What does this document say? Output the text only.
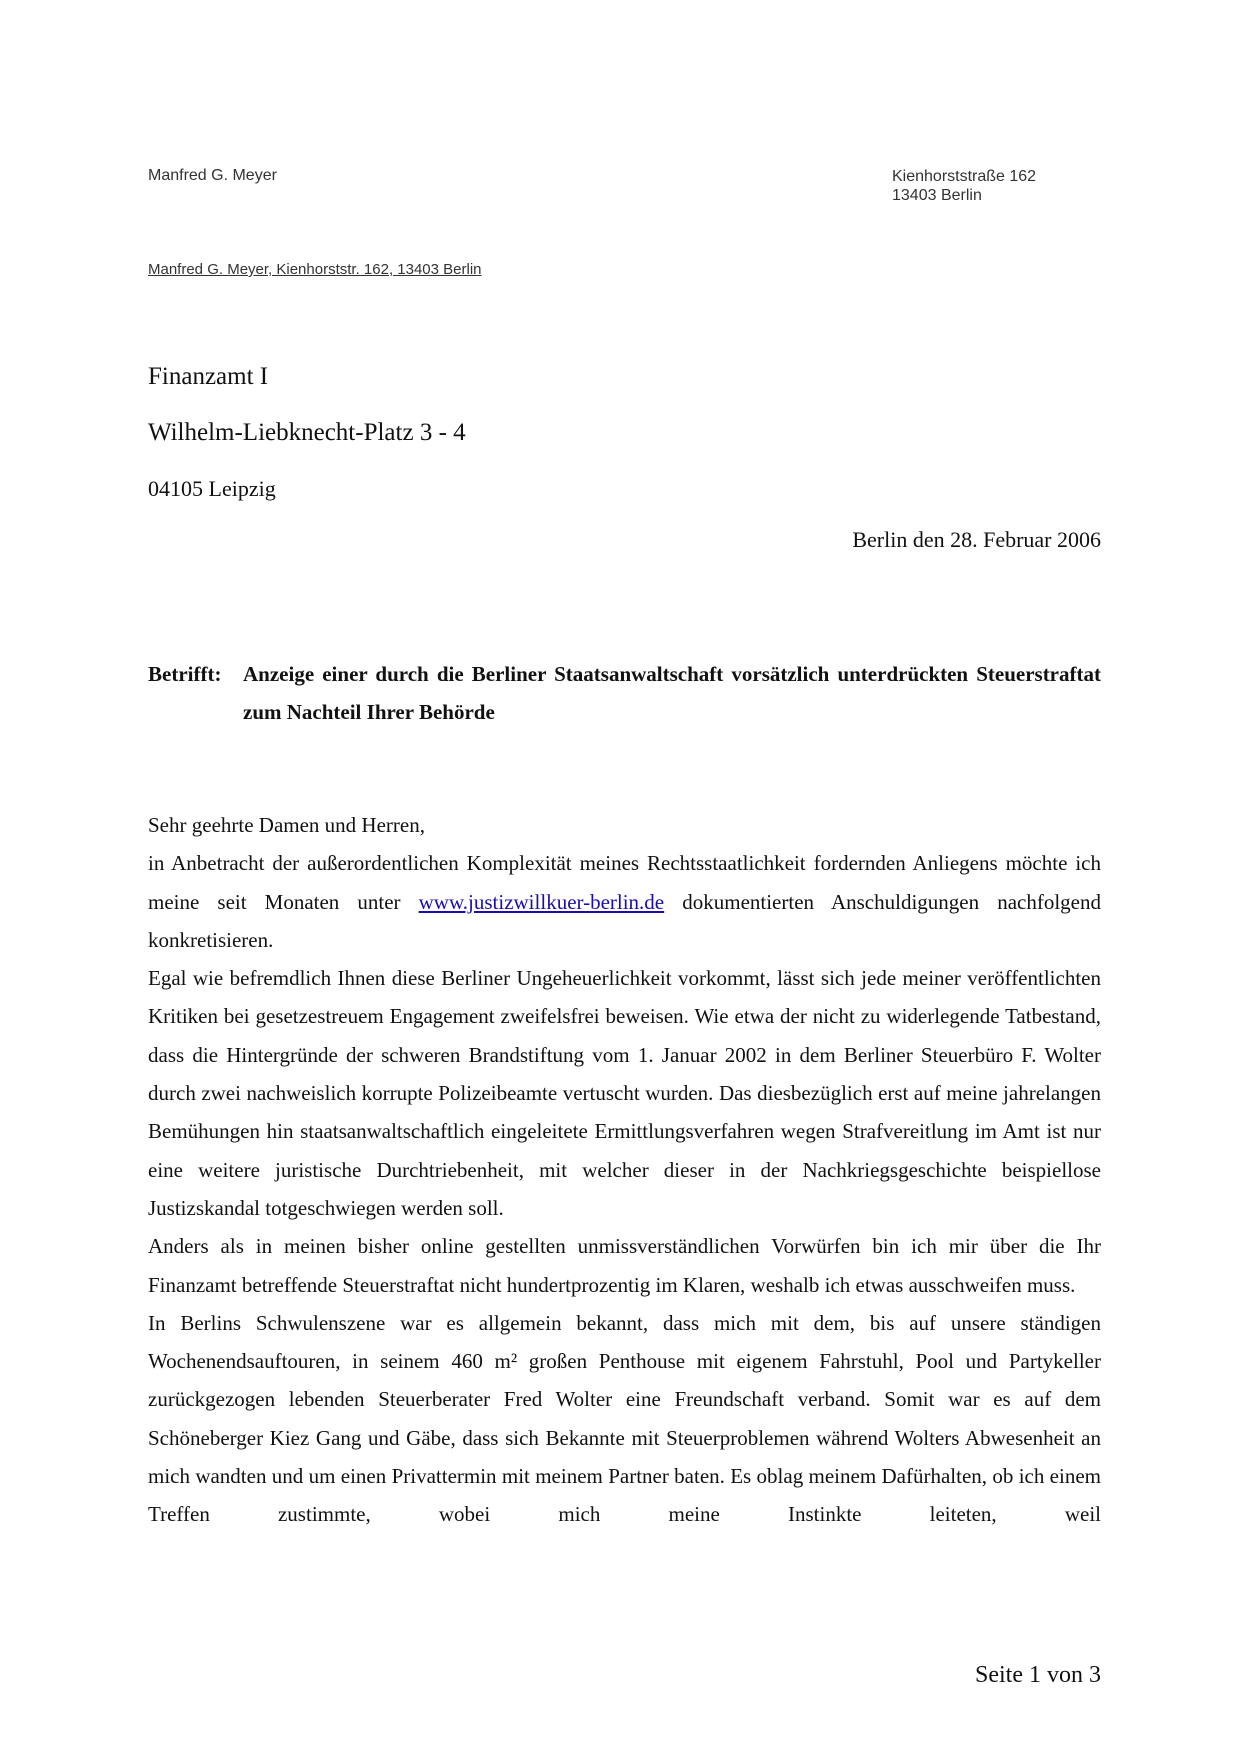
Manfred G. Meyer	Kienhorststraße 162
13403 Berlin
Manfred G. Meyer, Kienhorststr. 162, 13403 Berlin
Finanzamt I
Wilhelm-Liebknecht-Platz 3 - 4
04105 Leipzig
Berlin den 28. Februar 2006
Betrifft:	Anzeige einer durch die Berliner Staatsanwaltschaft vorsätzlich unterdrückten Steuerstraftat zum Nachteil Ihrer Behörde

Sehr geehrte Damen und Herren,

in Anbetracht der außerordentlichen Komplexität meines Rechtsstaatlichkeit fordernden Anliegens möchte ich meine seit Monaten unter www.justizwillkuer-berlin.de dokumentierten Anschuldigungen nachfolgend konkretisieren.

Egal wie befremdlich Ihnen diese Berliner Ungeheuerlichkeit vorkommt, lässt sich jede meiner veröffentlichten Kritiken bei gesetzestreuem Engagement zweifelsfrei beweisen. Wie etwa der nicht zu widerlegende Tatbestand, dass die Hintergründe der schweren Brandstiftung vom 1. Januar 2002 in dem Berliner Steuerbüro F. Wolter durch zwei nachweislich korrupte Polizeibeamte vertuscht wurden. Das diesbezüglich erst auf meine jahrelangen Bemühungen hin staatsanwaltschaftlich eingeleitete Ermittlungsverfahren wegen Strafvereitlung im Amt ist nur eine weitere juristische Durchtriebenheit, mit welcher dieser in der Nachkriegsgeschichte beispiellose Justizskandal totgeschwiegen werden soll.

Anders als in meinen bisher online gestellten unmissverständlichen Vorwürfen bin ich mir über die Ihr Finanzamt betreffende Steuerstraftat nicht hundertprozentig im Klaren, weshalb ich etwas ausschweifen muss.

In Berlins Schwulenszene war es allgemein bekannt, dass mich mit dem, bis auf unsere ständigen Wochenendsauftouren, in seinem 460 m² großen Penthouse mit eigenem Fahrstuhl, Pool und Partykeller zurückgezogen lebenden Steuerberater Fred Wolter eine Freundschaft verband. Somit war es auf dem Schöneberger Kiez Gang und Gäbe, dass sich Bekannte mit Steuerproblemen während Wolters Abwesenheit an mich wandten und um einen Privattermin mit meinem Partner baten. Es oblag meinem Dafürhalten, ob ich einem Treffen zustimmte, wobei mich meine Instinkte leiteten, weil

Seite 1 von 3
